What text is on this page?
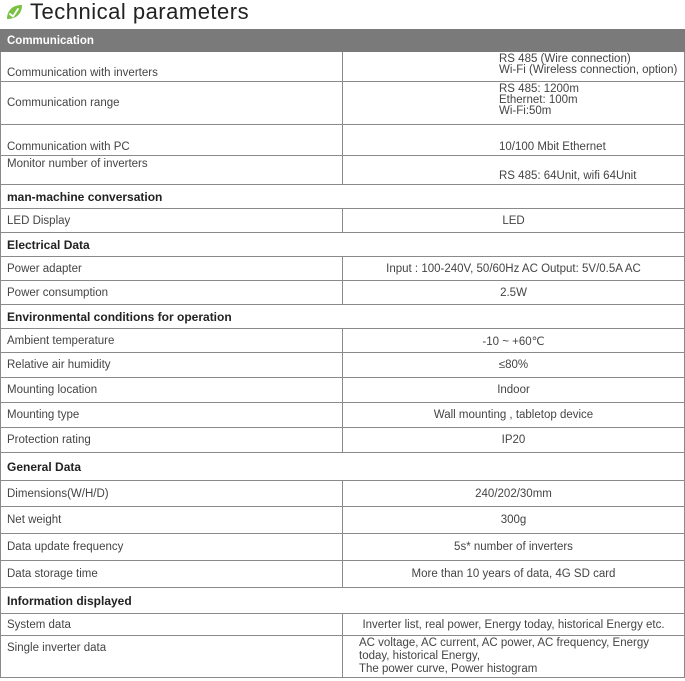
Technical parameters
Communication	
Communication with inverters	RS 485 (Wire connection)
Wi-Fi (Wireless connection, option)

Communication range	RS 485: 1200m
Ethernet: 100m
Wi-Fi:50m

Communication with PC	10/100 Mbit Ethernet

Monitor number of inverters	RS 485: 64Unit, wifi 64Unit

man-machine conversation	
LED Display	LED
Electrical Data	
Power adapter	Input : 100-240V, 50/60Hz AC Output: 5V/0.5A AC
Power consumption	2.5W
Environmental conditions for operation	
Ambient temperature	-10 ~ +60℃
Relative air humidity	≤80%
Mounting location	Indoor
Mounting type	Wall mounting , tabletop device
Protection rating	IP20
General Data	
Dimensions(W/H/D)	240/202/30mm
Net weight	300g
Data update frequency	5s* number of inverters
Data storage time	More than 10 years of data, 4G SD card
Information displayed	
System data	Inverter list, real power, Energy today, historical Energy etc.
Single inverter data	AC voltage, AC current, AC power, AC frequency, Energy today, historical Energy,
The power curve, Power histogram
